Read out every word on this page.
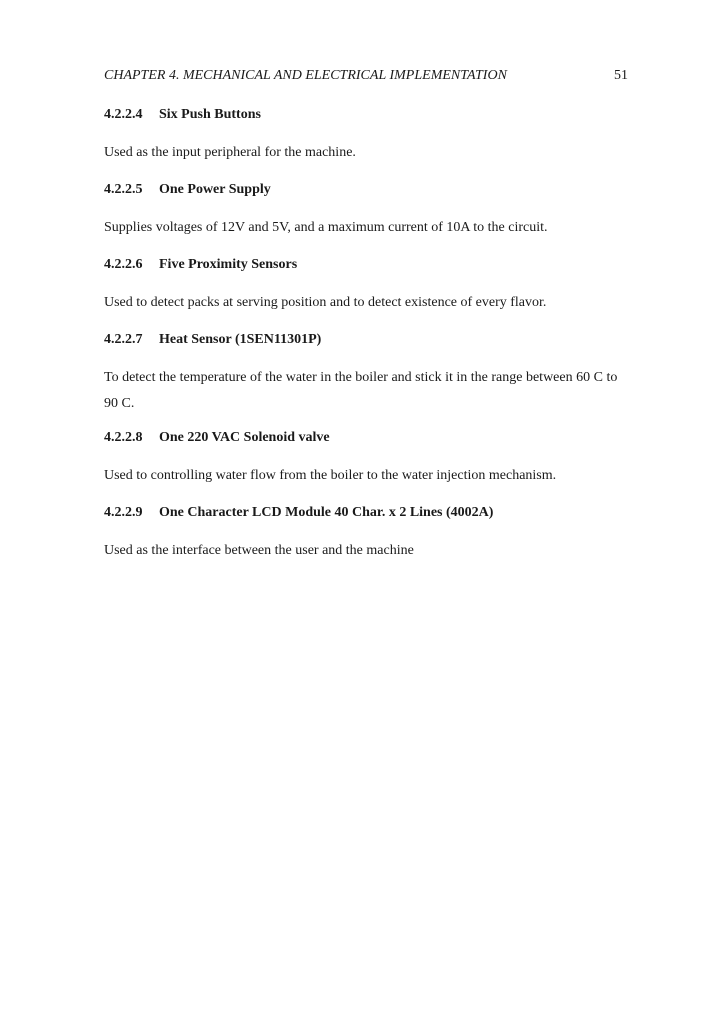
CHAPTER 4. MECHANICAL AND ELECTRICAL IMPLEMENTATION	51
4.2.2.4 Six Push Buttons

Used as the input peripheral for the machine.

4.2.2.5 One Power Supply

Supplies voltages of 12V and 5V, and a maximum current of 10A to the circuit.

4.2.2.6 Five Proximity Sensors

Used to detect packs at serving position and to detect existence of every flavor.

4.2.2.7 Heat Sensor (1SEN11301P)

To detect the temperature of the water in the boiler and stick it in the range between 60 C to 90 C.

4.2.2.8 One 220 VAC Solenoid valve

Used to controlling water flow from the boiler to the water injection mechanism.

4.2.2.9 One Character LCD Module 40 Char. x 2 Lines (4002A)

Used as the interface between the user and the machine
